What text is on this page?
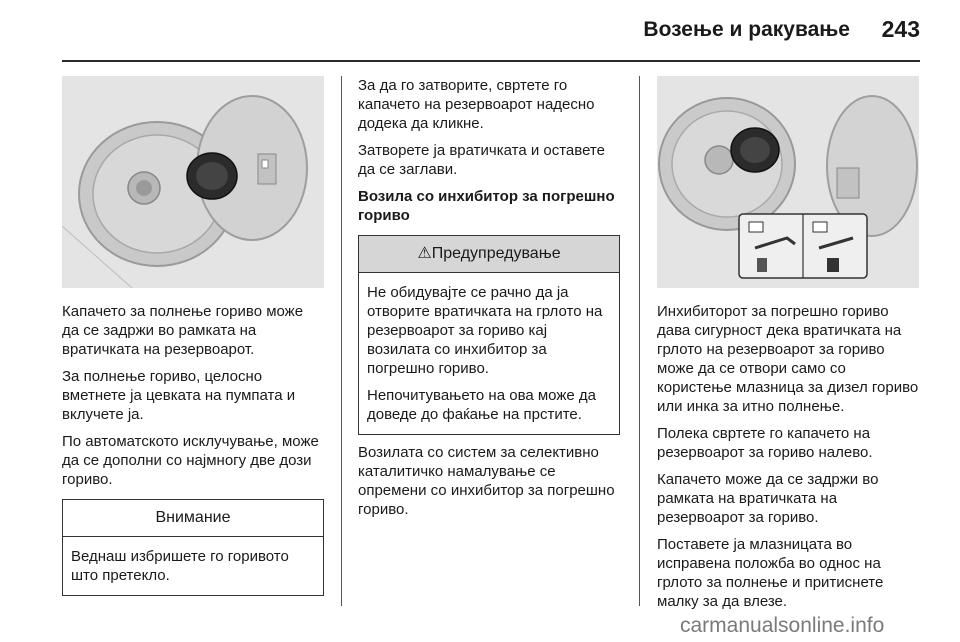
Возење и ракување 243

Капачето за полнење гориво може да се задржи во рамката на вратичката на резервоарот.

За полнење гориво, целосно вметнете ја цевката на пумпата и вклучете ја.

По автоматското исклучување, може да се дополни со најмногу две дози гориво.

Внимание

Веднаш избришете го горивото што претекло.

За да го затворите, свртете го капачето на резервоарот надесно додека да кликне.

Затворете ја вратичката и оставете да се заглави.

Возила со инхибитор за погрешно гориво

⚠Предупредување

Не обидувајте се рачно да ја отворите вратичката на грлото на резервоарот за гориво кај возилата со инхибитор за погрешно гориво.

Непочитувањето на ова може да доведе до фаќање на прстите.

Возилата со систем за селективно каталитичко намалување се опремени со инхибитор за погрешно гориво.

Инхибиторот за погрешно гориво дава сигурност дека вратичката на грлото на резервоарот за гориво може да се отвори само со користење млазница за дизел гориво или инка за итно полнење.

Полека свртете го капачето на резервоарот за гориво налево.

Капачето може да се задржи во рамката на вратичката на резервоарот за гориво.

Поставете ја млазницата во исправена положба во однос на грлото за полнење и притиснете малку за да влезе.

carmanualsonline.info
